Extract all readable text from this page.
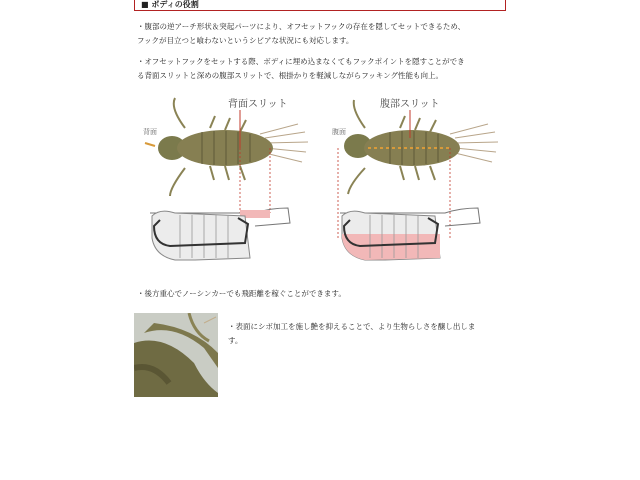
■ ボディの役割
・腹部の逆アーチ形状＆突起パーツにより、オフセットフックの存在を隠してセットできるため、
フックが目立つと喰わないというシビアな状況にも対応します。
・オフセットフックをセットする際、ボディに埋め込まなくてもフックポイントを隠すことができ
る背面スリットと深めの腹部スリットで、根掛かりを軽減しながらフッキング性能も向上。
背面スリット	腹部スリット
背面	腹面
・後方重心でノーシンカーでも飛距離を稼ぐことができます。
・表面にシボ加工を施し艶を抑えることで、より生物らしさを醸し出しま
す。
